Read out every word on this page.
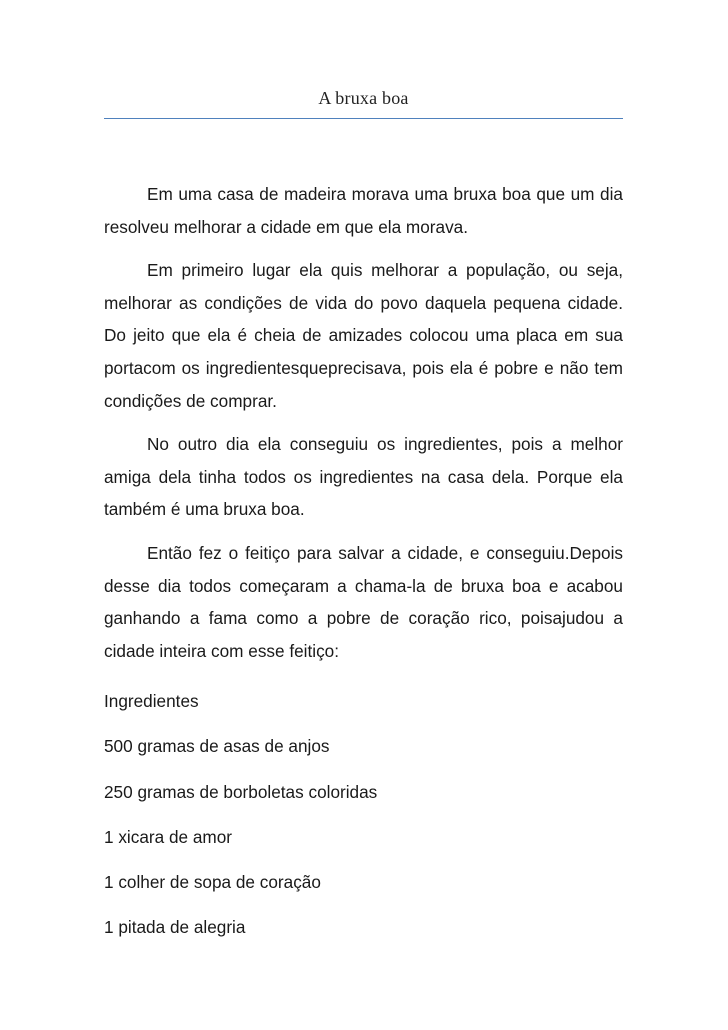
A bruxa boa

Em uma casa de madeira morava uma bruxa boa que um dia resolveu melhorar a cidade em que ela morava.

Em primeiro lugar ela quis melhorar a população, ou seja, melhorar as condições de vida do povo daquela pequena cidade. Do jeito que ela é cheia de amizades colocou uma placa em sua portacom os ingredientesqueprecisava, pois ela é pobre e não tem condições de comprar.

No outro dia ela conseguiu os ingredientes, pois a melhor amiga dela tinha todos os ingredientes na casa dela. Porque ela também é uma bruxa boa.

Então fez o feitiço para salvar a cidade, e conseguiu.Depois desse dia todos começaram a chama-la de bruxa boa e acabou ganhando a fama como a pobre de coração rico, poisajudou a cidade inteira com esse feitiço:

Ingredientes
500 gramas de asas de anjos
250 gramas de borboletas coloridas
1 xicara de amor
1 colher de sopa de coração
1 pitada de alegria
